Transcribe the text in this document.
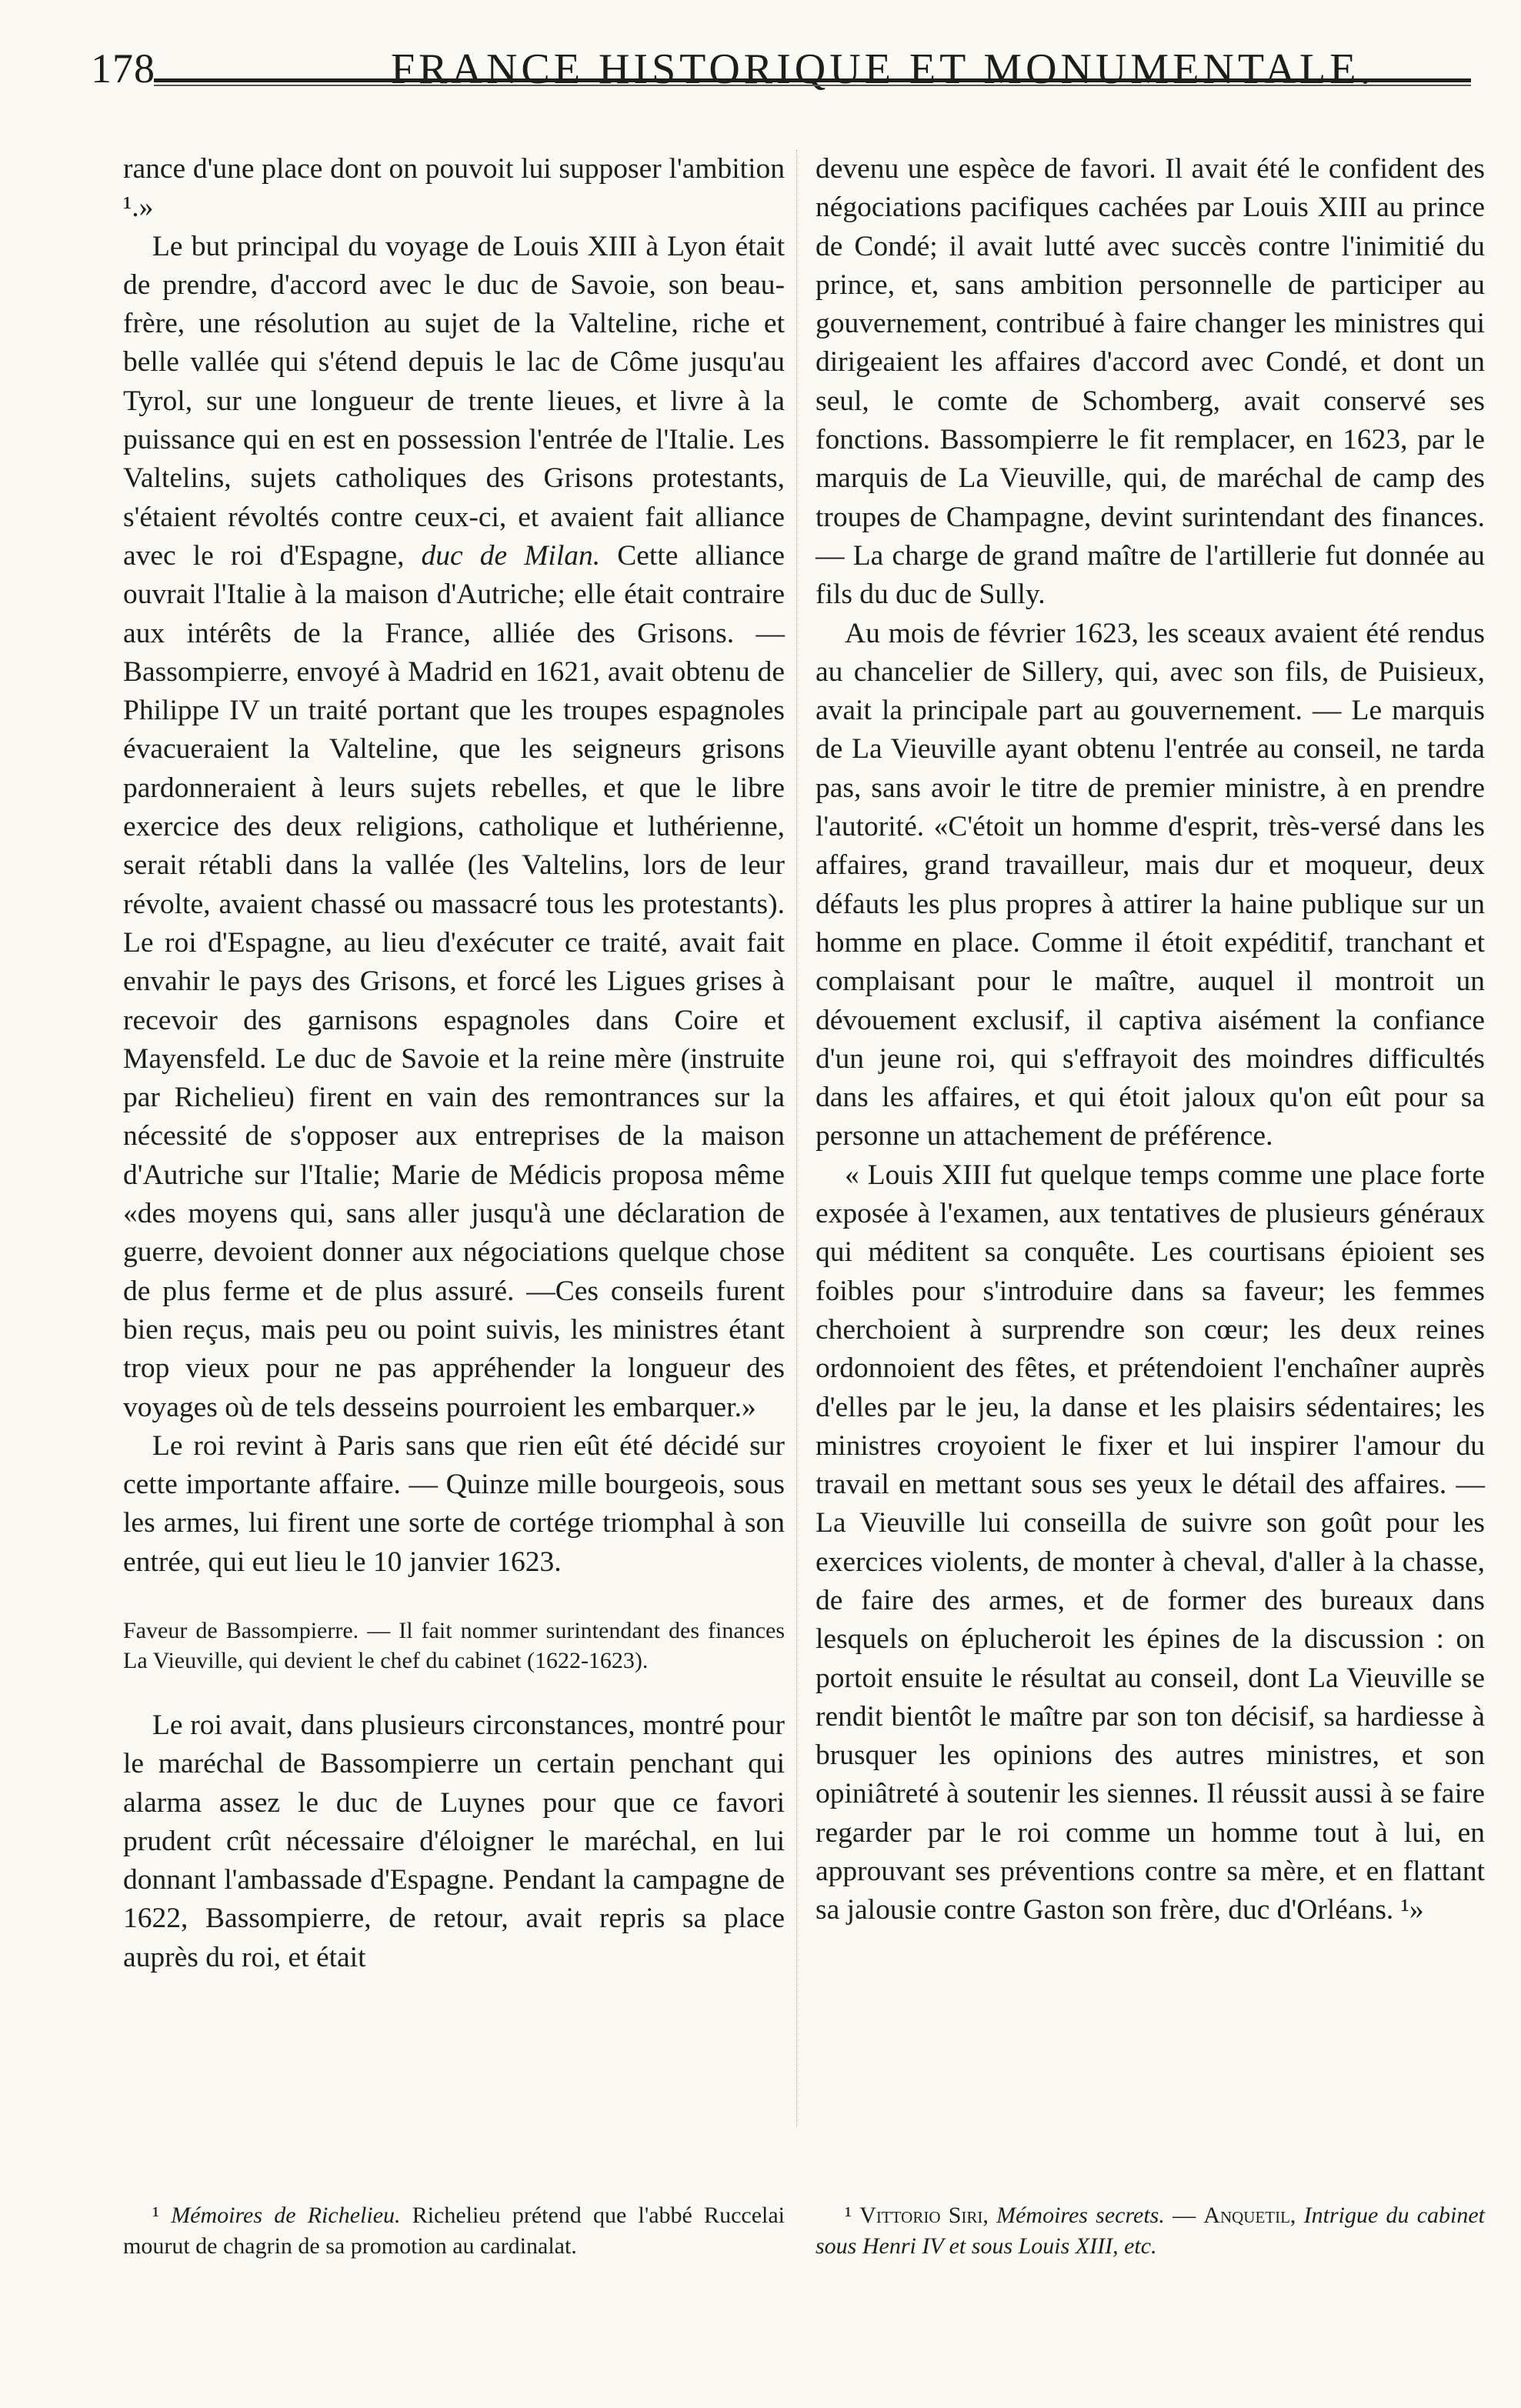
178	FRANCE HISTORIQUE ET MONUMENTALE.

rance d'une place dont on pouvoit lui supposer l'ambition ¹.»

Le but principal du voyage de Louis XIII à Lyon était de prendre, d'accord avec le duc de Savoie, son beau-frère, une résolution au sujet de la Valteline, riche et belle vallée qui s'étend depuis le lac de Côme jusqu'au Tyrol, sur une longueur de trente lieues, et livre à la puissance qui en est en possession l'entrée de l'Italie. Les Valtelins, sujets catholiques des Grisons protestants, s'étaient révoltés contre ceux-ci, et avaient fait alliance avec le roi d'Espagne, duc de Milan. Cette alliance ouvrait l'Italie à la maison d'Autriche; elle était contraire aux intérêts de la France, alliée des Grisons. — Bassompierre, envoyé à Madrid en 1621, avait obtenu de Philippe IV un traité portant que les troupes espagnoles évacueraient la Valteline, que les seigneurs grisons pardonneraient à leurs sujets rebelles, et que le libre exercice des deux religions, catholique et luthérienne, serait rétabli dans la vallée (les Valtelins, lors de leur révolte, avaient chassé ou massacré tous les protestants). Le roi d'Espagne, au lieu d'exécuter ce traité, avait fait envahir le pays des Grisons, et forcé les Ligues grises à recevoir des garnisons espagnoles dans Coire et Mayensfeld. Le duc de Savoie et la reine mère (instruite par Richelieu) firent en vain des remontrances sur la nécessité de s'opposer aux entreprises de la maison d'Autriche sur l'Italie; Marie de Médicis proposa même «des moyens qui, sans aller jusqu'à une déclaration de guerre, devoient donner aux négociations quelque chose de plus ferme et de plus assuré. —Ces conseils furent bien reçus, mais peu ou point suivis, les ministres étant trop vieux pour ne pas appréhender la longueur des voyages où de tels desseins pourroient les embarquer.»

Le roi revint à Paris sans que rien eût été décidé sur cette importante affaire. — Quinze mille bourgeois, sous les armes, lui firent une sorte de cortége triomphal à son entrée, qui eut lieu le 10 janvier 1623.

Faveur de Bassompierre. — Il fait nommer surintendant des finances La Vieuville, qui devient le chef du cabinet (1622-1623).

Le roi avait, dans plusieurs circonstances, montré pour le maréchal de Bassompierre un certain penchant qui alarma assez le duc de Luynes pour que ce favori prudent crût nécessaire d'éloigner le maréchal, en lui donnant l'ambassade d'Espagne. Pendant la campagne de 1622, Bassompierre, de retour, avait repris sa place auprès du roi, et était

devenu une espèce de favori. Il avait été le confident des négociations pacifiques cachées par Louis XIII au prince de Condé; il avait lutté avec succès contre l'inimitié du prince, et, sans ambition personnelle de participer au gouvernement, contribué à faire changer les ministres qui dirigeaient les affaires d'accord avec Condé, et dont un seul, le comte de Schomberg, avait conservé ses fonctions. Bassompierre le fit remplacer, en 1623, par le marquis de La Vieuville, qui, de maréchal de camp des troupes de Champagne, devint surintendant des finances. — La charge de grand maître de l'artillerie fut donnée au fils du duc de Sully.

Au mois de février 1623, les sceaux avaient été rendus au chancelier de Sillery, qui, avec son fils, de Puisieux, avait la principale part au gouvernement. — Le marquis de La Vieuville ayant obtenu l'entrée au conseil, ne tarda pas, sans avoir le titre de premier ministre, à en prendre l'autorité. «C'étoit un homme d'esprit, très-versé dans les affaires, grand travailleur, mais dur et moqueur, deux défauts les plus propres à attirer la haine publique sur un homme en place. Comme il étoit expéditif, tranchant et complaisant pour le maître, auquel il montroit un dévouement exclusif, il captiva aisément la confiance d'un jeune roi, qui s'effrayoit des moindres difficultés dans les affaires, et qui étoit jaloux qu'on eût pour sa personne un attachement de préférence.

« Louis XIII fut quelque temps comme une place forte exposée à l'examen, aux tentatives de plusieurs généraux qui méditent sa conquête. Les courtisans épioient ses foibles pour s'introduire dans sa faveur; les femmes cherchoient à surprendre son cœur; les deux reines ordonnoient des fêtes, et prétendoient l'enchaîner auprès d'elles par le jeu, la danse et les plaisirs sédentaires; les ministres croyoient le fixer et lui inspirer l'amour du travail en mettant sous ses yeux le détail des affaires. — La Vieuville lui conseilla de suivre son goût pour les exercices violents, de monter à cheval, d'aller à la chasse, de faire des armes, et de former des bureaux dans lesquels on éplucheroit les épines de la discussion : on portoit ensuite le résultat au conseil, dont La Vieuville se rendit bientôt le maître par son ton décisif, sa hardiesse à brusquer les opinions des autres ministres, et son opiniâtreté à soutenir les siennes. Il réussit aussi à se faire regarder par le roi comme un homme tout à lui, en approuvant ses préventions contre sa mère, et en flattant sa jalousie contre Gaston son frère, duc d'Orléans. ¹»

¹ Mémoires de Richelieu. Richelieu prétend que l'abbé Ruccelai mourut de chagrin de sa promotion au cardinalat.

¹ Vittorio Siri, Mémoires secrets. — Anquetil, Intrigue du cabinet sous Henri IV et sous Louis XIII, etc.
